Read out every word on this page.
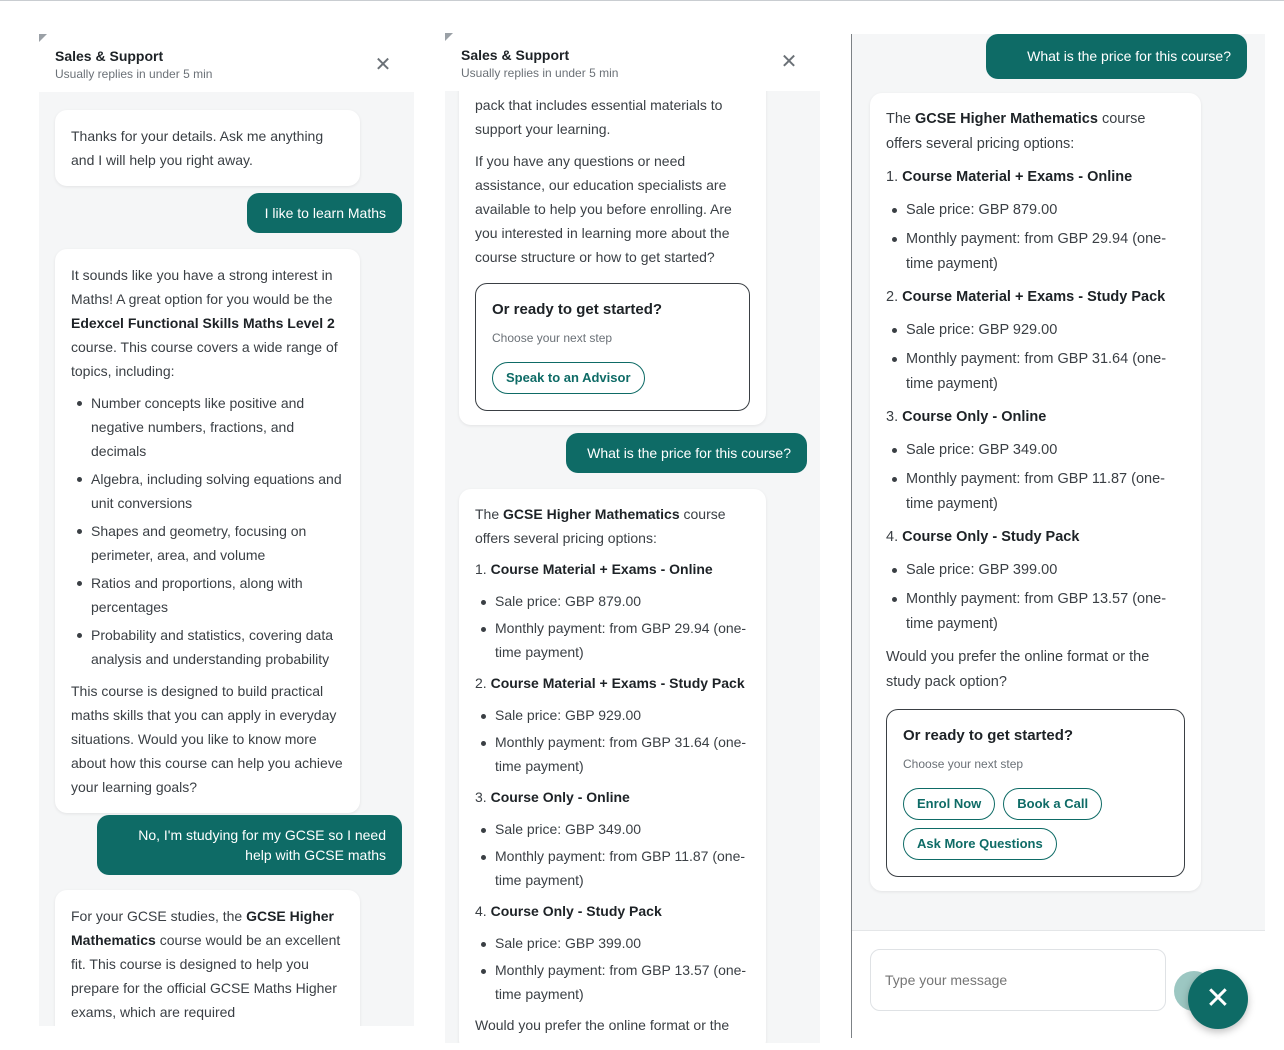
Sales & Support
Usually replies in under 5 min	✕

Thanks for your details. Ask me anything and I will help you right away.

I like to learn Maths

It sounds like you have a strong interest in Maths! A great option for you would be the Edexcel Functional Skills Maths Level 2 course. This course covers a wide range of topics, including:

Number concepts like positive and negative numbers, fractions, and decimals
Algebra, including solving equations and unit conversions
Shapes and geometry, focusing on perimeter, area, and volume
Ratios and proportions, along with percentages
Probability and statistics, covering data analysis and understanding probability

This course is designed to build practical maths skills that you can apply in everyday situations. Would you like to know more about how this course can help you achieve your learning goals?

No, I'm studying for my GCSE so I need help with GCSE maths

For your GCSE studies, the GCSE Higher Mathematics course would be an excellent fit. This course is designed to help you prepare for the official GCSE Maths Higher exams, which are required

Sales & Support
Usually replies in under 5 min	✕

pack that includes essential materials to support your learning.

If you have any questions or need assistance, our education specialists are available to help you before enrolling. Are you interested in learning more about the course structure or how to get started?

Or ready to get started?
Choose your next step
Speak to an Advisor
What is the price for this course?

The GCSE Higher Mathematics course offers several pricing options:

1. Course Material + Exams - Online

Sale price: GBP 879.00
Monthly payment: from GBP 29.94 (one-time payment)

2. Course Material + Exams - Study Pack

Sale price: GBP 929.00
Monthly payment: from GBP 31.64 (one-time payment)

3. Course Only - Online

Sale price: GBP 349.00
Monthly payment: from GBP 11.87 (one-time payment)

4. Course Only - Study Pack

Sale price: GBP 399.00
Monthly payment: from GBP 13.57 (one-time payment)

Would you prefer the online format or the

What is the price for this course?

The GCSE Higher Mathematics course offers several pricing options:

1. Course Material + Exams - Online

Sale price: GBP 879.00
Monthly payment: from GBP 29.94 (one-time payment)

2. Course Material + Exams - Study Pack

Sale price: GBP 929.00
Monthly payment: from GBP 31.64 (one-time payment)

3. Course Only - Online

Sale price: GBP 349.00
Monthly payment: from GBP 11.87 (one-time payment)

4. Course Only - Study Pack

Sale price: GBP 399.00
Monthly payment: from GBP 13.57 (one-time payment)

Would you prefer the online format or the study pack option?

Or ready to get started?
Choose your next step
Enrol Now	Book a Call
Ask More Questions
Type your message
✕
